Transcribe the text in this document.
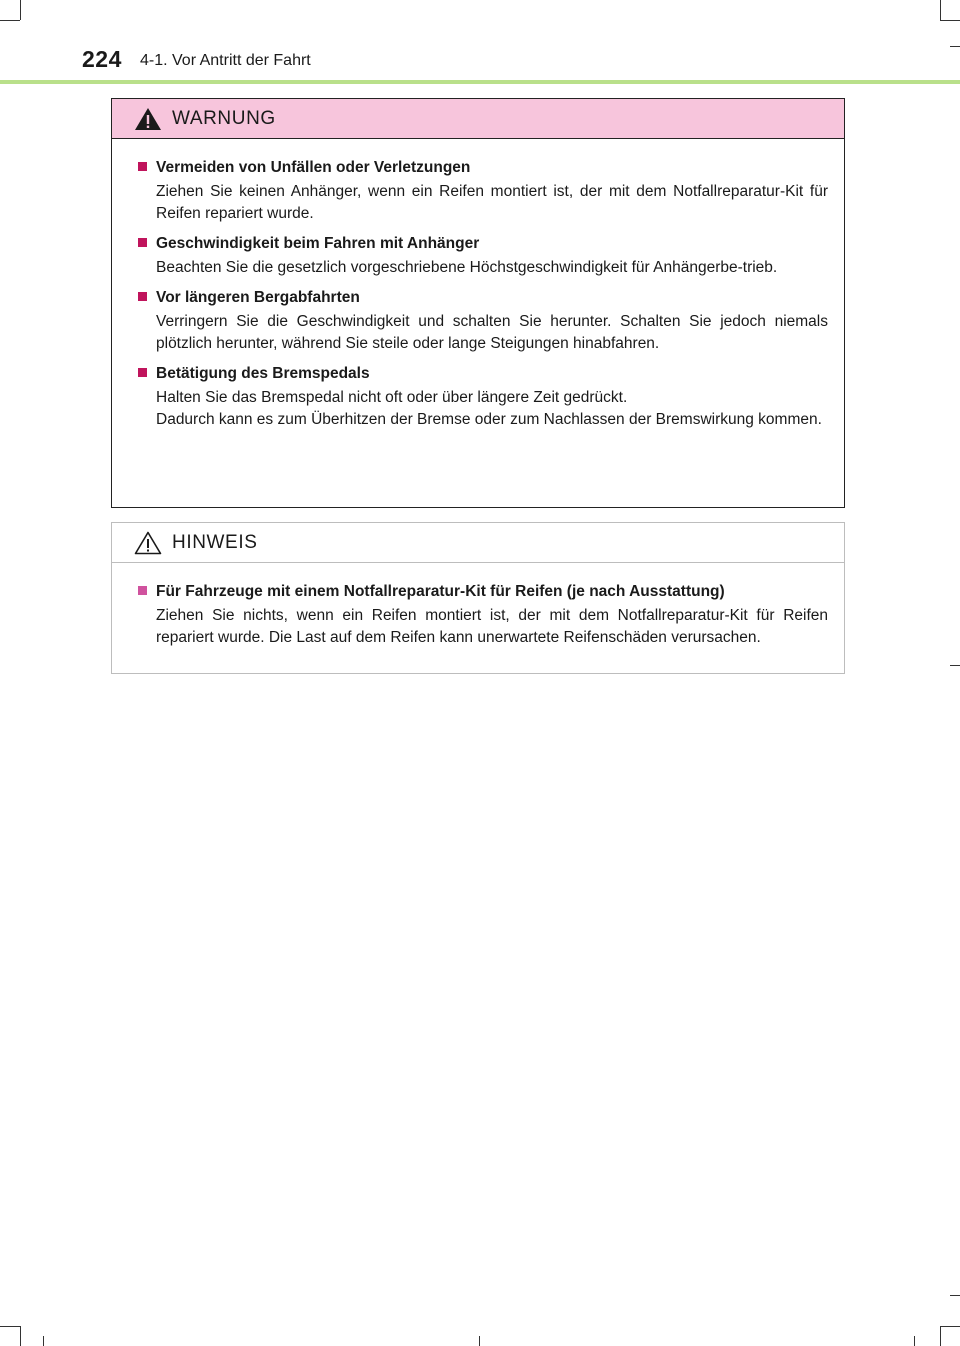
224 4-1. Vor Antritt der Fahrt
WARNUNG
Vermeiden von Unfällen oder Verletzungen
Ziehen Sie keinen Anhänger, wenn ein Reifen montiert ist, der mit dem Notfallreparatur-Kit für Reifen repariert wurde.
Geschwindigkeit beim Fahren mit Anhänger
Beachten Sie die gesetzlich vorgeschriebene Höchstgeschwindigkeit für Anhängerbe-trieb.
Vor längeren Bergabfahrten
Verringern Sie die Geschwindigkeit und schalten Sie herunter. Schalten Sie jedoch niemals plötzlich herunter, während Sie steile oder lange Steigungen hinabfahren.
Betätigung des Bremspedals
Halten Sie das Bremspedal nicht oft oder über längere Zeit gedrückt.
Dadurch kann es zum Überhitzen der Bremse oder zum Nachlassen der Bremswirkung kommen.
HINWEIS
Für Fahrzeuge mit einem Notfallreparatur-Kit für Reifen (je nach Ausstattung)
Ziehen Sie nichts, wenn ein Reifen montiert ist, der mit dem Notfallreparatur-Kit für Reifen repariert wurde. Die Last auf dem Reifen kann unerwartete Reifenschäden verursachen.
